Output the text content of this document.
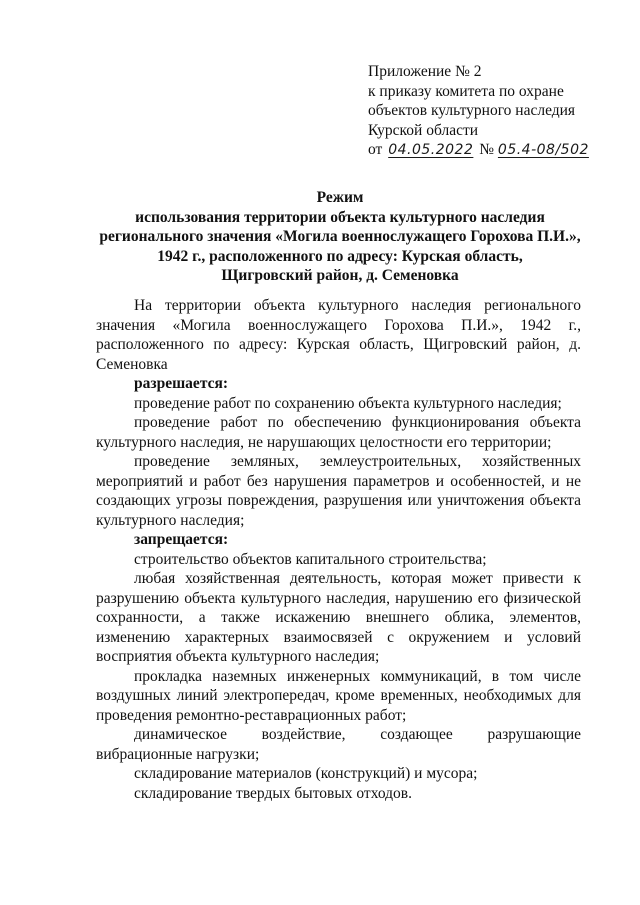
Приложение № 2
к приказу комитета по охране
объектов культурного наследия
Курской области
от 04.05.2022 № 05.4-08/502
Режим
использования территории объекта культурного наследия
регионального значения «Могила военнослужащего Горохова П.И.»,
1942 г., расположенного по адресу: Курская область,
Щигровский район, д. Семеновка

На территории объекта культурного наследия регионального значения «Могила военнослужащего Горохова П.И.», 1942 г., расположенного по адресу: Курская область, Щигровский район, д. Семеновка

разрешается:

проведение работ по сохранению объекта культурного наследия;

проведение работ по обеспечению функционирования объекта культурного наследия, не нарушающих целостности его территории;

проведение земляных, землеустроительных, хозяйственных мероприятий и работ без нарушения параметров и особенностей, и не создающих угрозы повреждения, разрушения или уничтожения объекта культурного наследия;

запрещается:

строительство объектов капитального строительства;

любая хозяйственная деятельность, которая может привести к разрушению объекта культурного наследия, нарушению его физической сохранности, а также искажению внешнего облика, элементов, изменению характерных взаимосвязей с окружением и условий восприятия объекта культурного наследия;

прокладка наземных инженерных коммуникаций, в том числе воздушных линий электропередач, кроме временных, необходимых для проведения ремонтно-реставрационных работ;

динамическое воздействие, создающее разрушающие вибрационные нагрузки;

складирование материалов (конструкций) и мусора;

складирование твердых бытовых отходов.
